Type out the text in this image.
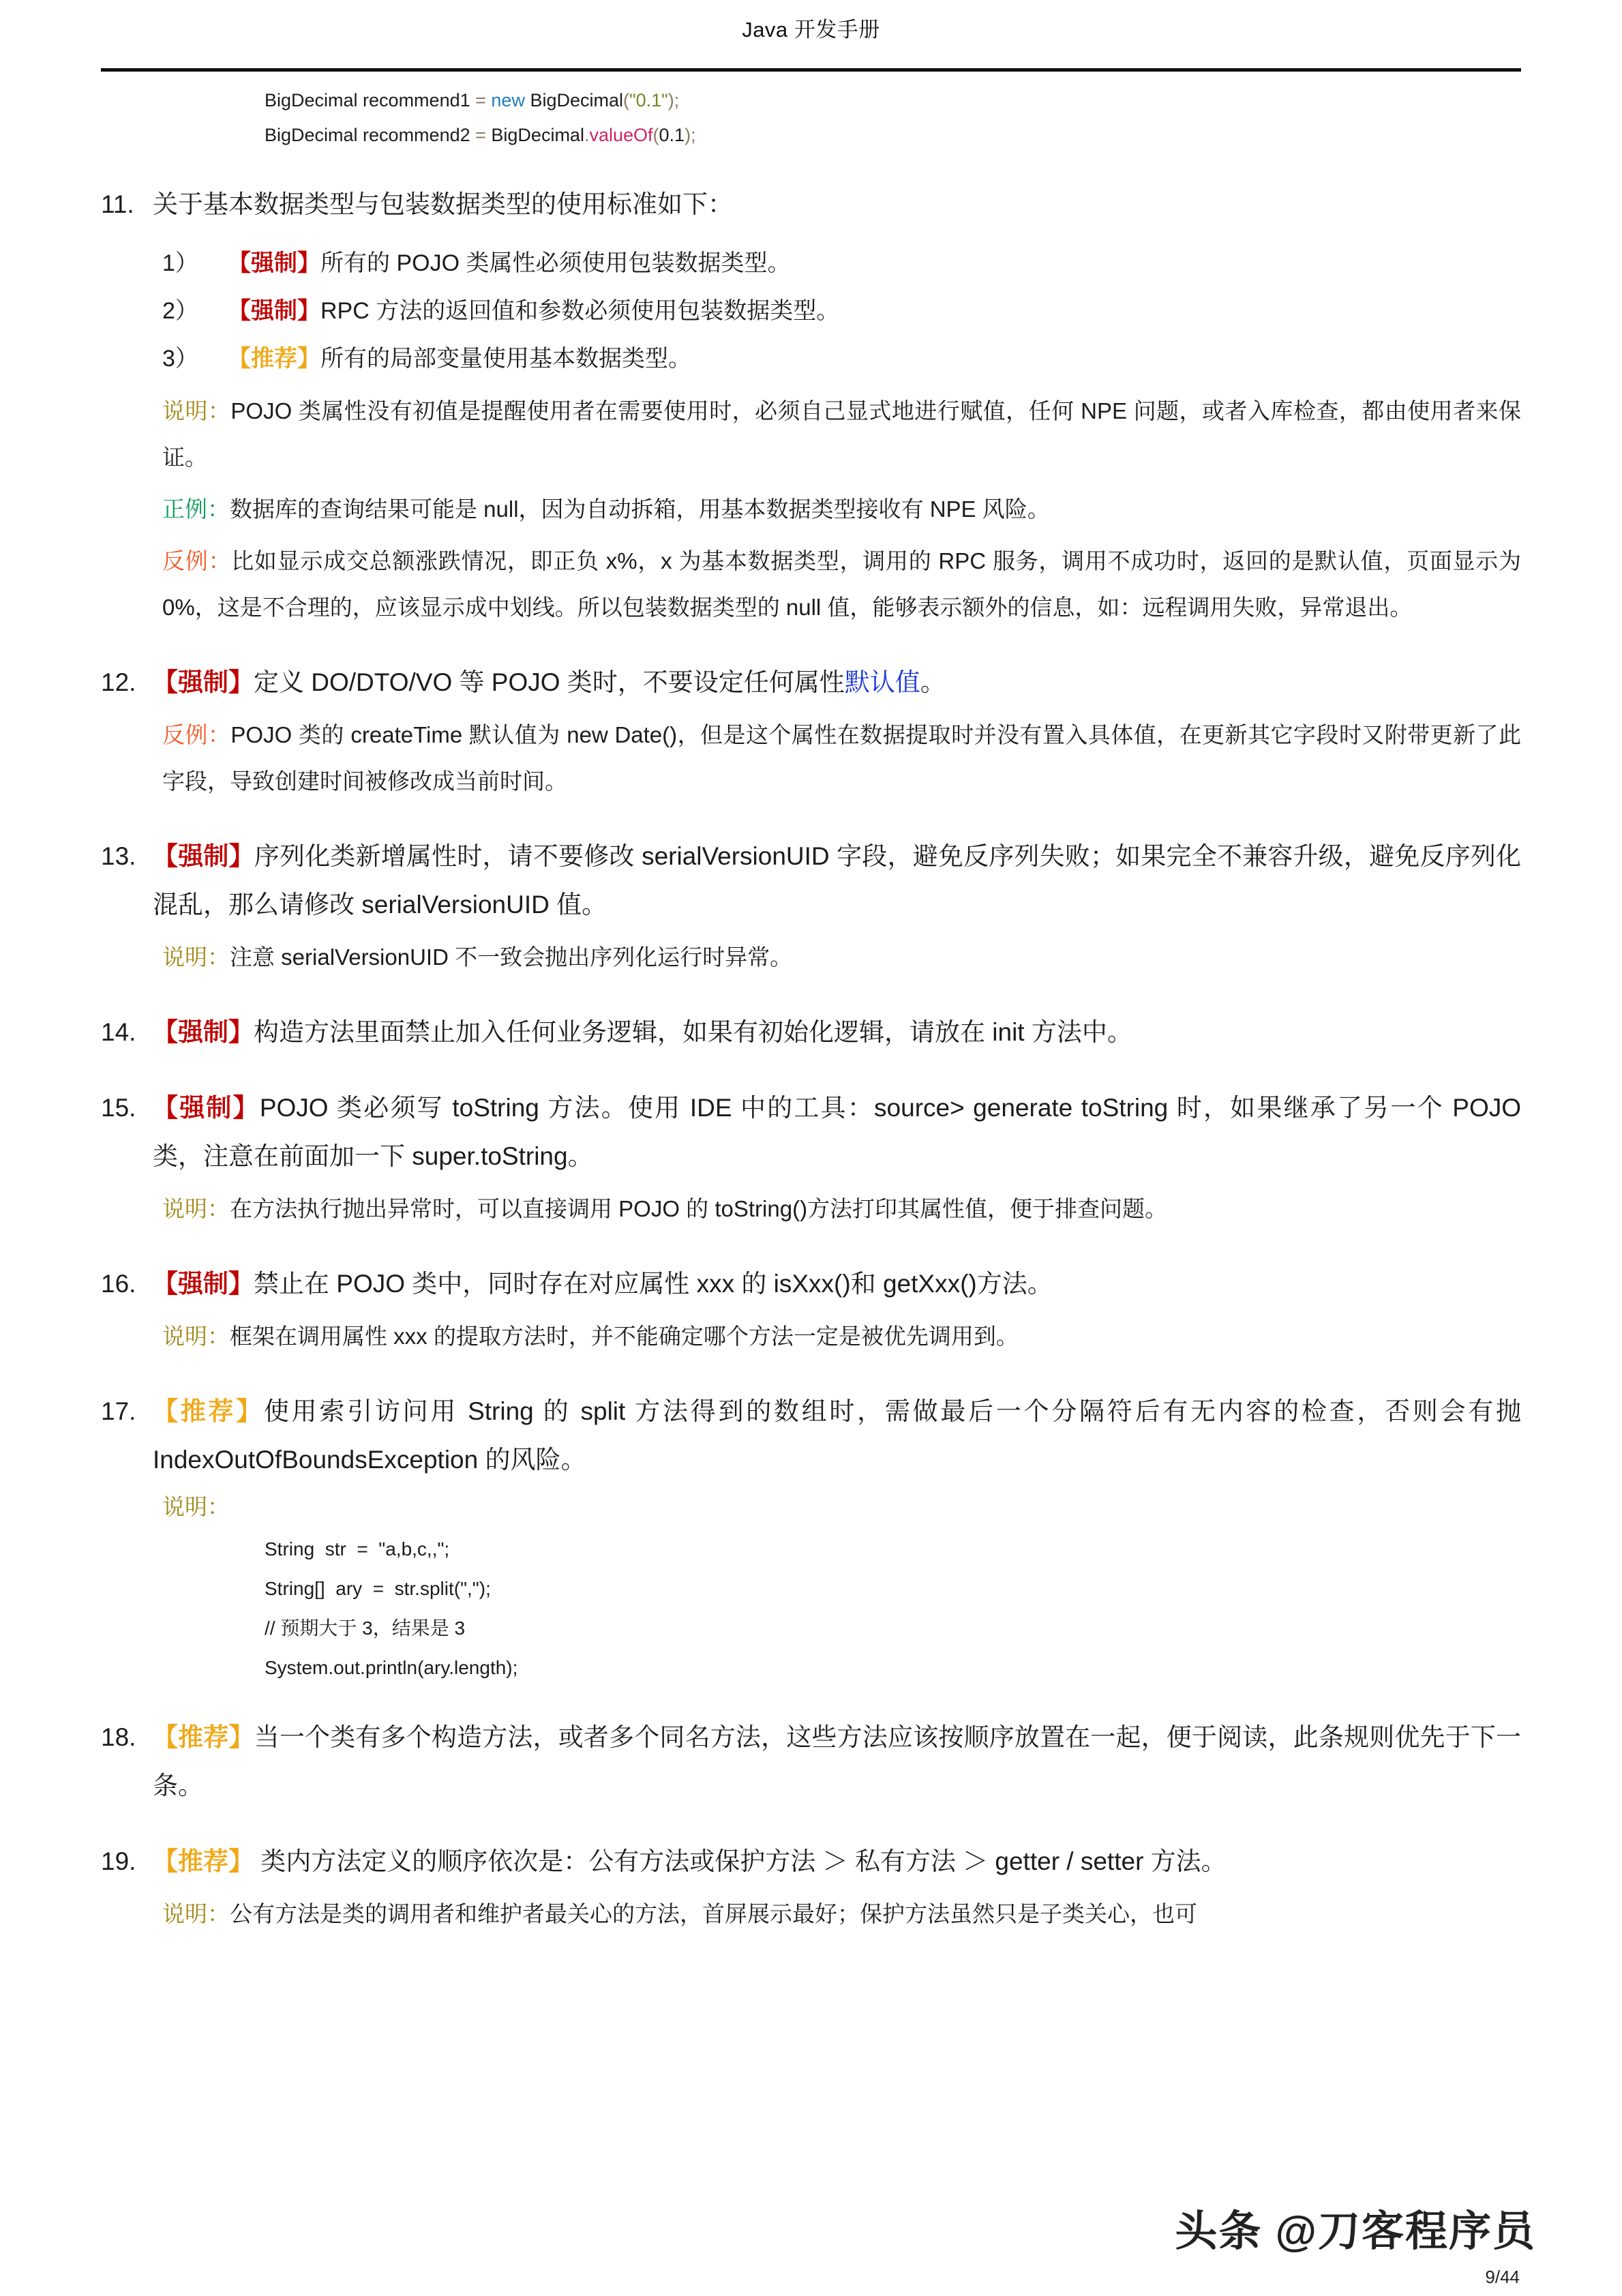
Java 开发手册
BigDecimal recommend1 = new BigDecimal("0.1");
BigDecimal recommend2 = BigDecimal.valueOf(0.1);
11. 关于基本数据类型与包装数据类型的使用标准如下：
1）	【强制】所有的 POJO 类属性必须使用包装数据类型。
2）	【强制】RPC 方法的返回值和参数必须使用包装数据类型。
3）	【推荐】所有的局部变量使用基本数据类型。
说明：POJO 类属性没有初值是提醒使用者在需要使用时，必须自己显式地进行赋值，任何 NPE 问题，或者入库检查，都由使用者来保证。
正例：数据库的查询结果可能是 null，因为自动拆箱，用基本数据类型接收有 NPE 风险。
反例：比如显示成交总额涨跌情况，即正负 x%，x 为基本数据类型，调用的 RPC 服务，调用不成功时，返回的是默认值，页面显示为 0%，这是不合理的，应该显示成中划线。所以包装数据类型的 null 值，能够表示额外的信息，如：远程调用失败，异常退出。
12. 【强制】定义 DO/DTO/VO 等 POJO 类时，不要设定任何属性默认值。
反例：POJO 类的 createTime 默认值为 new Date()，但是这个属性在数据提取时并没有置入具体值，在更新其它字段时又附带更新了此字段，导致创建时间被修改成当前时间。
13. 【强制】序列化类新增属性时，请不要修改 serialVersionUID 字段，避免反序列失败；如果完全不兼容升级，避免反序列化混乱，那么请修改 serialVersionUID 值。
说明：注意 serialVersionUID 不一致会抛出序列化运行时异常。
14. 【强制】构造方法里面禁止加入任何业务逻辑，如果有初始化逻辑，请放在 init 方法中。
15. 【强制】POJO 类必须写 toString 方法。使用 IDE 中的工具：source> generate toString 时，如果继承了另一个 POJO 类，注意在前面加一下 super.toString。
说明：在方法执行抛出异常时，可以直接调用 POJO 的 toString()方法打印其属性值，便于排查问题。
16. 【强制】禁止在 POJO 类中，同时存在对应属性 xxx 的 isXxx()和 getXxx()方法。
说明：框架在调用属性 xxx 的提取方法时，并不能确定哪个方法一定是被优先调用到。
17. 【推荐】使用索引访问用 String 的 split 方法得到的数组时，需做最后一个分隔符后有无内容的检查，否则会有抛 IndexOutOfBoundsException 的风险。
说明：
String  str  =  "a,b,c,,";
String[]  ary  =  str.split(",");
// 预期大于 3，结果是 3
System.out.println(ary.length);
18. 【推荐】当一个类有多个构造方法，或者多个同名方法，这些方法应该按顺序放置在一起，便于阅读，此条规则优先于下一条。
19. 【推荐】 类内方法定义的顺序依次是：公有方法或保护方法 ＞ 私有方法 ＞ getter / setter 方法。
说明：公有方法是类的调用者和维护者最关心的方法，首屏展示最好；保护方法虽然只是子类关心，也可
头条 @刀客程序员
9/44
